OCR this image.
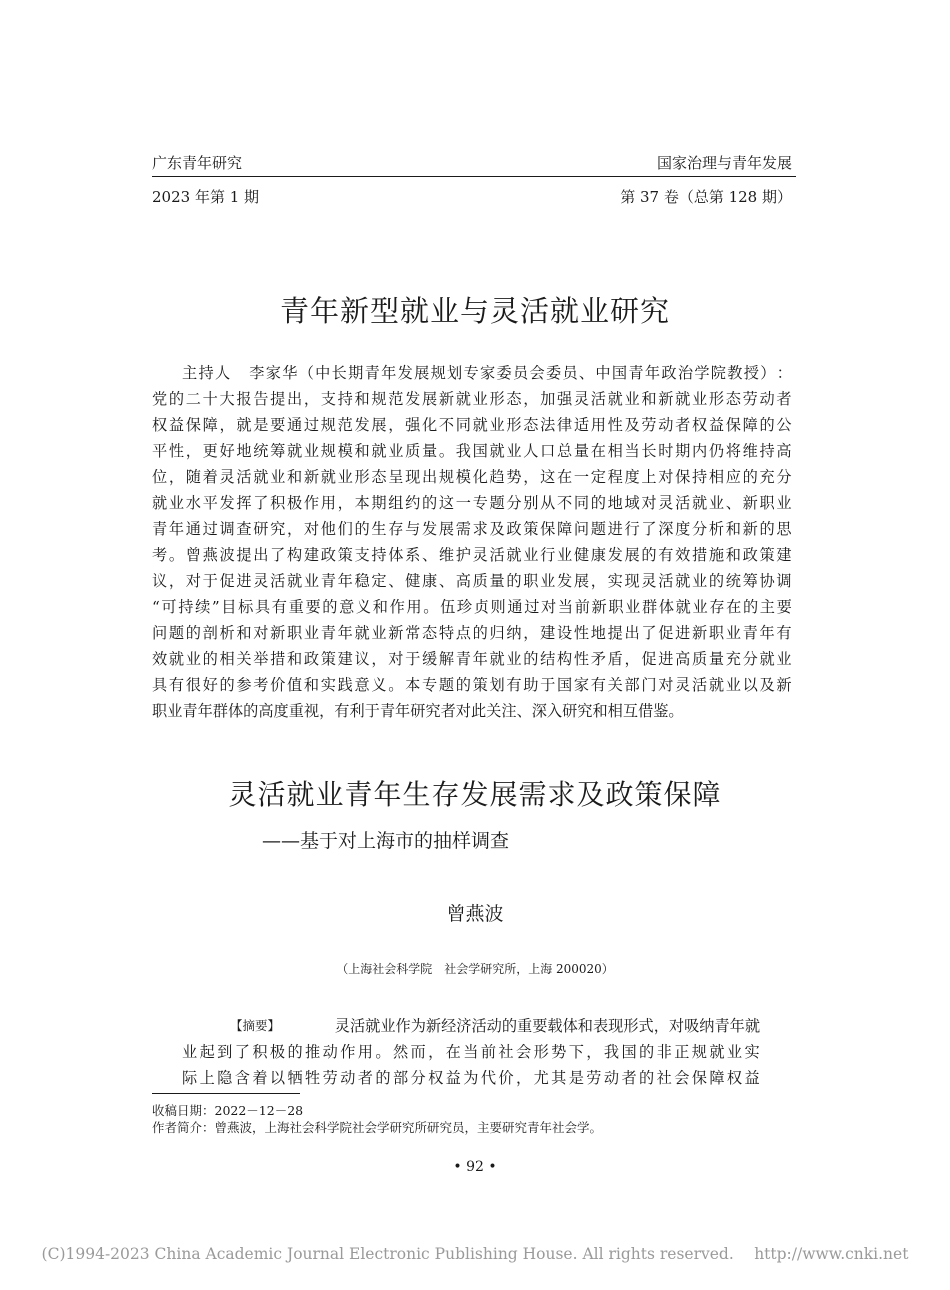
广东青年研究	国家治理与青年发展
2023 年第 1 期	第 37 卷（总第 128 期）
青年新型就业与灵活就业研究
主 持 人
　 李 家 华 （ 中 长 期 青 年 发 展 规 划 专 家 委 员 会 委 员 、 中 国 青 年 政 治 学 院 教 授 ） ：
党 的 二 十 大 报 告 提 出 ， 支 持 和 规 范 发 展 新 就 业 形 态 ， 加 强 灵 活 就 业 和 新 就 业 形 态 劳 动 者
权 益 保 障 ， 就 是 要 通 过 规 范 发 展 ， 强 化 不 同 就 业 形 态 法 律 适 用 性 及 劳 动 者 权 益 保 障 的 公
平 性 ， 更 好 地 统 筹 就 业 规 模 和 就 业 质 量 。 我 国 就 业 人 口 总 量 在 相 当 长 时 期 内 仍 将 维 持 高
位 ， 随 着 灵 活 就 业 和 新 就 业 形 态 呈 现 出 规 模 化 趋 势 ， 这 在 一 定 程 度 上 对 保 持 相 应 的 充 分
就 业 水 平 发 挥 了 积 极 作 用 ， 本 期 组 约 的 这 一 专 题 分 别 从 不 同 的 地 域 对 灵 活 就 业 、 新 职 业
青 年 通 过 调 查 研 究 ， 对 他 们 的 生 存 与 发 展 需 求 及 政 策 保 障 问 题 进 行 了 深 度 分 析 和 新 的 思
考 。 曾 燕 波 提 出 了 构 建 政 策 支 持 体 系 、 维 护 灵 活 就 业 行 业 健 康 发 展 的 有 效 措 施 和 政 策 建
议 ， 对 于 促 进 灵 活 就 业 青 年 稳 定 、 健 康 、 高 质 量 的 职 业 发 展 ， 实 现 灵 活 就 业 的 统 筹 协 调
“ 可 持 续 ” 目 标 具 有 重 要 的 意 义 和 作 用 。 伍 珍 贞 则 通 过 对 当 前 新 职 业 群 体 就 业 存 在 的 主 要
问 题 的 剖 析 和 对 新 职 业 青 年 就 业 新 常 态 特 点 的 归 纳 ， 建 设 性 地 提 出 了 促 进 新 职 业 青 年 有
效 就 业 的 相 关 举 措 和 政 策 建 议 ， 对 于 缓 解 青 年 就 业 的 结 构 性 矛 盾 ， 促 进 高 质 量 充 分 就 业
具 有 很 好 的 参 考 价 值 和 实 践 意 义 。 本 专 题 的 策 划 有 助 于 国 家 有 关 部 门 对 灵 活 就 业 以 及 新
职业青年群体的高度重视，有利于青年研究者对此关注、深入研究和相互借鉴。
灵活就业青年生存发展需求及政策保障
——基于对上海市的抽样调查
曾燕波
（上海社会科学院　社会学研究所，上海 200020）
【摘要】	灵活就业作为新经济活动的重要载体和表现形式，对吸纳青年就
业 起 到 了 积 极 的 推 动 作 用 。 然 而 ， 在 当 前 社 会 形 势 下 ， 我 国 的 非 正 规 就 业 实
际 上 隐 含 着 以 牺 牲 劳 动 者 的 部 分 权 益 为 代 价 ， 尤 其 是 劳 动 者 的 社 会 保 障 权 益
收稿日期：2022－12－28
作者简介：曾燕波，上海社会科学院社会学研究所研究员，主要研究青年社会学。
• 92 •
(C)1994-2023 China Academic Journal Electronic Publishing House. All rights reserved.　 http://www.cnki.net
